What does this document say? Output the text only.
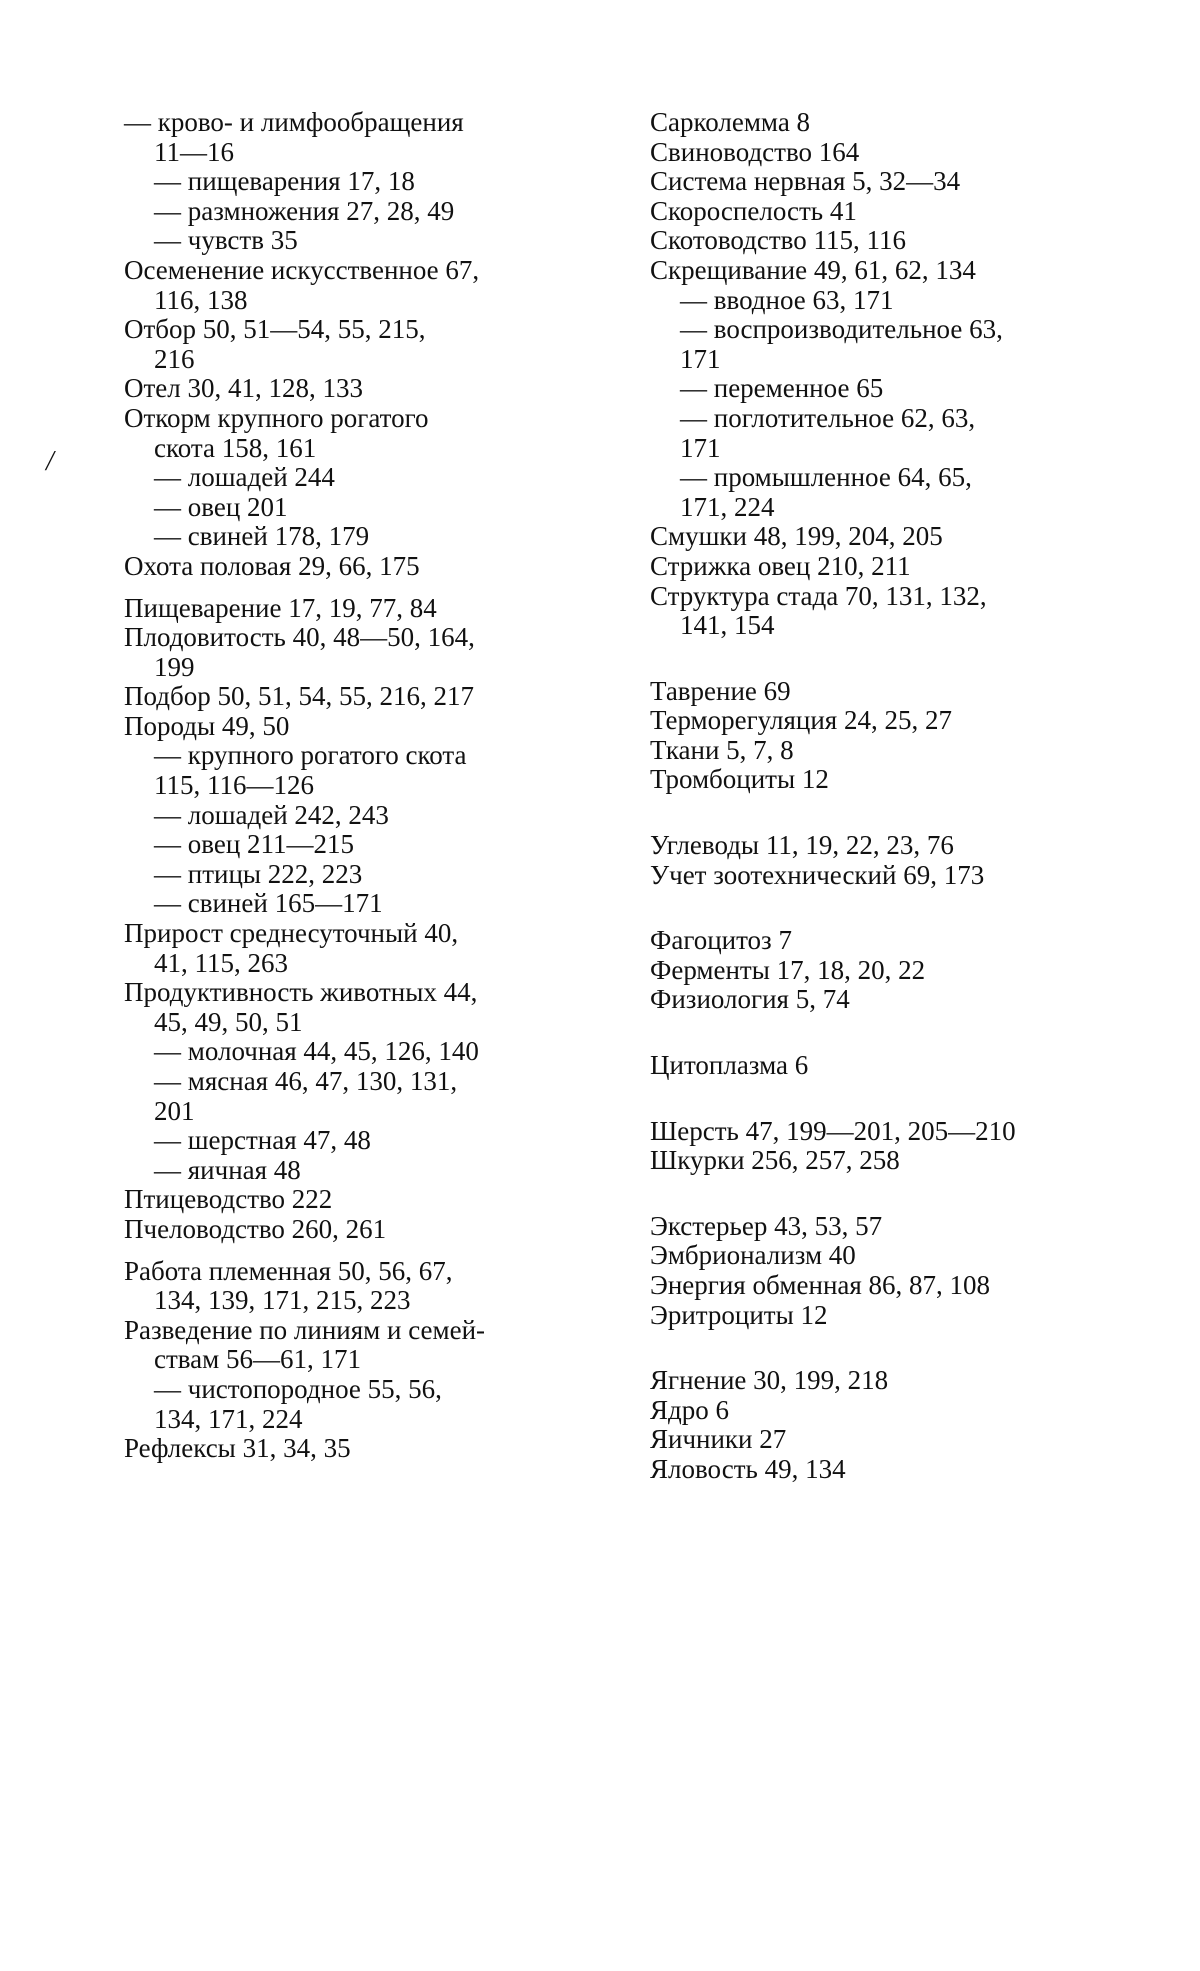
/
— крово- и лимфообращения
11—16
— пищеварения 17, 18
— размножения 27, 28, 49
— чувств 35
Осеменение искусственное 67,
116, 138
Отбор 50, 51—54, 55, 215,
216
Отел 30, 41, 128, 133
Откорм крупного рогатого
скота 158, 161
— лошадей 244
— овец 201
— свиней 178, 179
Охота половая 29, 66, 175
Пищеварение 17, 19, 77, 84
Плодовитость 40, 48—50, 164,
199
Подбор 50, 51, 54, 55, 216, 217
Породы 49, 50
— крупного рогатого скота
115, 116—126
— лошадей 242, 243
— овец 211—215
— птицы 222, 223
— свиней 165—171
Прирост среднесуточный 40,
41, 115, 263
Продуктивность животных 44,
45, 49, 50, 51
— молочная 44, 45, 126, 140
— мясная 46, 47, 130, 131,
201
— шерстная 47, 48
— яичная 48
Птицеводство 222
Пчеловодство 260, 261
Работа племенная 50, 56, 67,
134, 139, 171, 215, 223
Разведение по линиям и семей-
ствам 56—61, 171
— чистопородное 55, 56,
134, 171, 224
Рефлексы 31, 34, 35
Сарколемма 8
Свиноводство 164
Система нервная 5, 32—34
Скороспелость 41
Скотоводство 115, 116
Скрещивание 49, 61, 62, 134
— вводное 63, 171
— воспроизводительное 63,
171
— переменное 65
— поглотительное 62, 63,
171
— промышленное 64, 65,
171, 224
Смушки 48, 199, 204, 205
Стрижка овец 210, 211
Структура стада 70, 131, 132,
141, 154
Таврение 69
Терморегуляция 24, 25, 27
Ткани 5, 7, 8
Тромбоциты 12
Углеводы 11, 19, 22, 23, 76
Учет зоотехнический 69, 173
Фагоцитоз 7
Ферменты 17, 18, 20, 22
Физиология 5, 74
Цитоплазма 6
Шерсть 47, 199—201, 205—210
Шкурки 256, 257, 258
Экстерьер 43, 53, 57
Эмбрионализм 40
Энергия обменная 86, 87, 108
Эритроциты 12
Ягнение 30, 199, 218
Ядро 6
Яичники 27
Яловость 49, 134
